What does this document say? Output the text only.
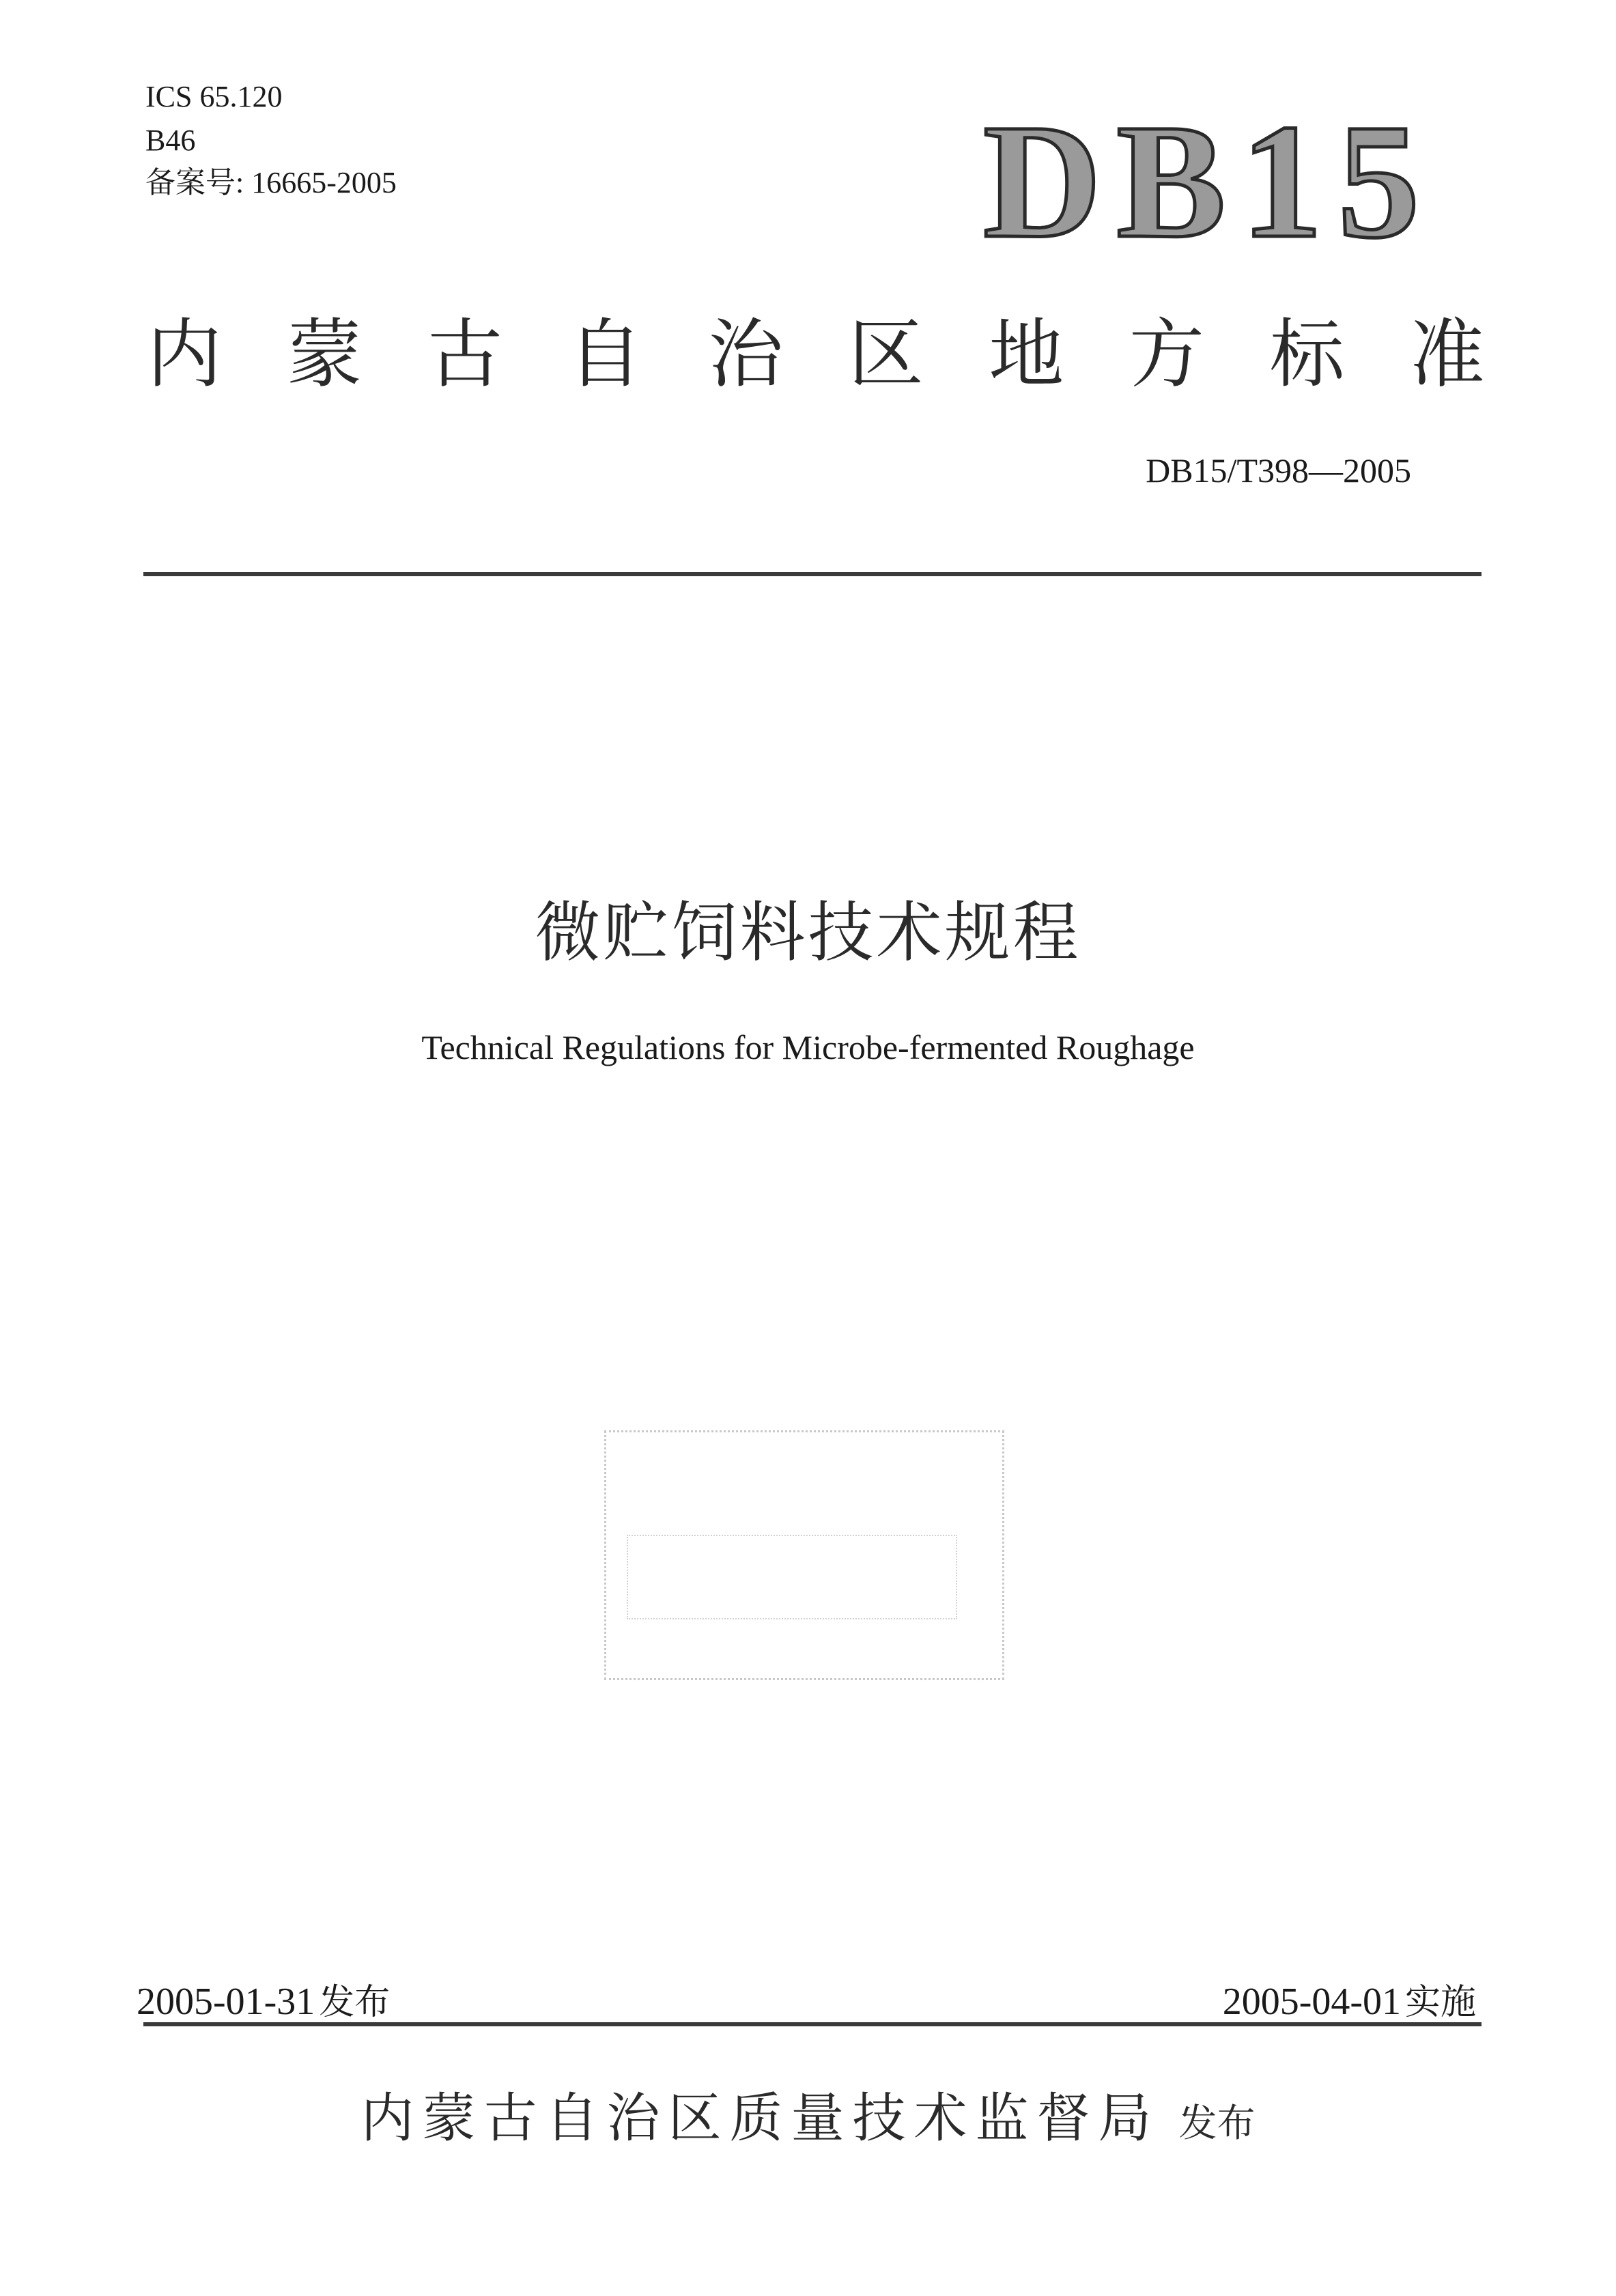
ICS 65.120
B46
备案号: 16665-2005	DB15
内 蒙 古 自 治 区 地 方 标 准
DB15/T398—2005
微贮饲料技术规程
Technical Regulations for Microbe-fermented Roughage
2005-01-31 发布	2005-04-01 实施
内蒙古自治区质量技术监督局 发布
